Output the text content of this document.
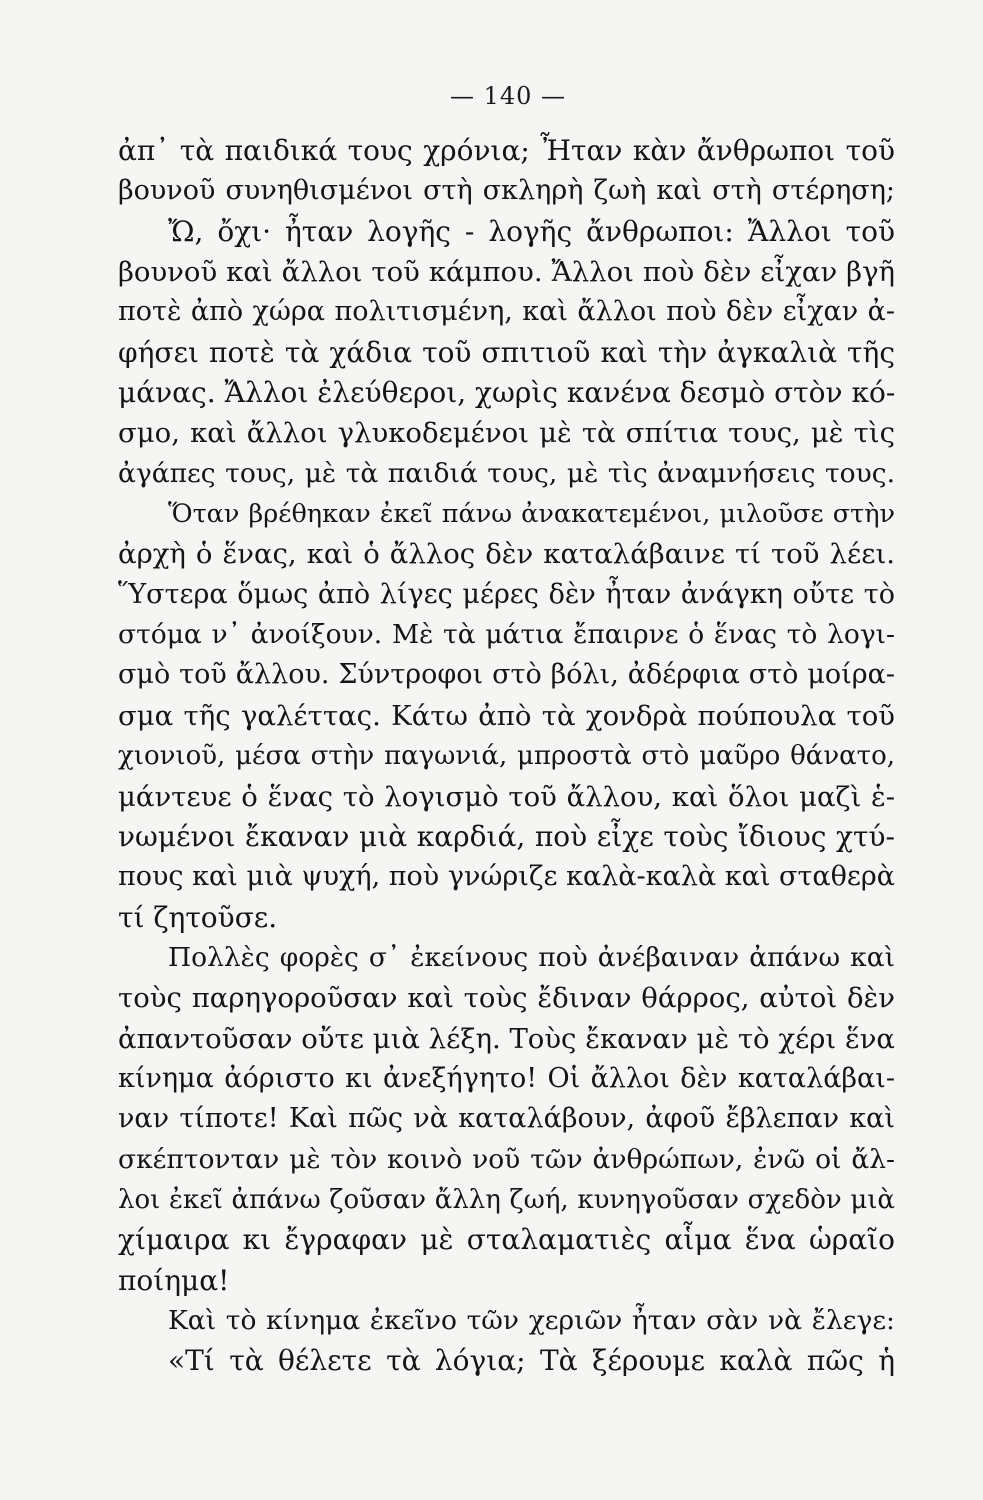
— 140 —
ἀπ᾽ τὰ παιδικά τους χρόνια; Ἦταν κὰν ἄνθρωποι τοῦ
βουνοῦ συνηθισμένοι στὴ σκληρὴ ζωὴ καὶ στὴ στέρηση;
Ὤ, ὄχι· ἦταν λογῆς - λογῆς ἄνθρωποι: Ἄλλοι τοῦ
βουνοῦ καὶ ἄλλοι τοῦ κάμπου. Ἄλλοι ποὺ δὲν εἶχαν βγῆ
ποτὲ ἀπὸ χώρα πολιτισμένη, καὶ ἄλλοι ποὺ δὲν εἶχαν ἀ-
φήσει ποτὲ τὰ χάδια τοῦ σπιτιοῦ καὶ τὴν ἀγκαλιὰ τῆς
μάνας. Ἄλλοι ἐλεύθεροι, χωρὶς κανένα δεσμὸ στὸν κό-
σμο, καὶ ἄλλοι γλυκοδεμένοι μὲ τὰ σπίτια τους, μὲ τὶς
ἀγάπες τους, μὲ τὰ παιδιά τους, μὲ τὶς ἀναμνήσεις τους.
Ὅταν βρέθηκαν ἐκεῖ πάνω ἀνακατεμένοι, μιλοῦσε στὴν
ἀρχὴ ὁ ἕνας, καὶ ὁ ἄλλος δὲν καταλάβαινε τί τοῦ λέει.
Ὕστερα ὅμως ἀπὸ λίγες μέρες δὲν ἦταν ἀνάγκη οὔτε τὸ
στόμα ν᾽ ἀνοίξουν. Μὲ τὰ μάτια ἔπαιρνε ὁ ἕνας τὸ λογι-
σμὸ τοῦ ἄλλου. Σύντροφοι στὸ βόλι, ἀδέρφια στὸ μοίρα-
σμα τῆς γαλέττας. Κάτω ἀπὸ τὰ χονδρὰ πούπουλα τοῦ
χιονιοῦ, μέσα στὴν παγωνιά, μπροστὰ στὸ μαῦρο θάνατο,
μάντευε ὁ ἕνας τὸ λογισμὸ τοῦ ἄλλου, καὶ ὅλοι μαζὶ ἑ-
νωμένοι ἔκαναν μιὰ καρδιά, ποὺ εἶχε τοὺς ἴδιους χτύ-
πους καὶ μιὰ ψυχή, ποὺ γνώριζε καλὰ-καλὰ καὶ σταθερὰ
τί ζητοῦσε.
Πολλὲς φορὲς σ᾽ ἐκείνους ποὺ ἀνέβαιναν ἀπάνω καὶ
τοὺς παρηγοροῦσαν καὶ τοὺς ἔδιναν θάρρος, αὐτοὶ δὲν
ἀπαντοῦσαν οὔτε μιὰ λέξη. Τοὺς ἔκαναν μὲ τὸ χέρι ἕνα
κίνημα ἀόριστο κι ἀνεξήγητο! Οἱ ἄλλοι δὲν καταλάβαι-
ναν τίποτε! Καὶ πῶς νὰ καταλάβουν, ἀφοῦ ἔβλεπαν καὶ
σκέπτονταν μὲ τὸν κοινὸ νοῦ τῶν ἀνθρώπων, ἐνῶ οἱ ἄλ-
λοι ἐκεῖ ἀπάνω ζοῦσαν ἄλλη ζωή, κυνηγοῦσαν σχεδὸν μιὰ
χίμαιρα κι ἔγραφαν μὲ σταλαματιὲς αἷμα ἕνα ὡραῖο
ποίημα!
Καὶ τὸ κίνημα ἐκεῖνο τῶν χεριῶν ἦταν σὰν νὰ ἔλεγε:
«Τί τὰ θέλετε τὰ λόγια; Τὰ ξέρουμε καλὰ πῶς ἡ
